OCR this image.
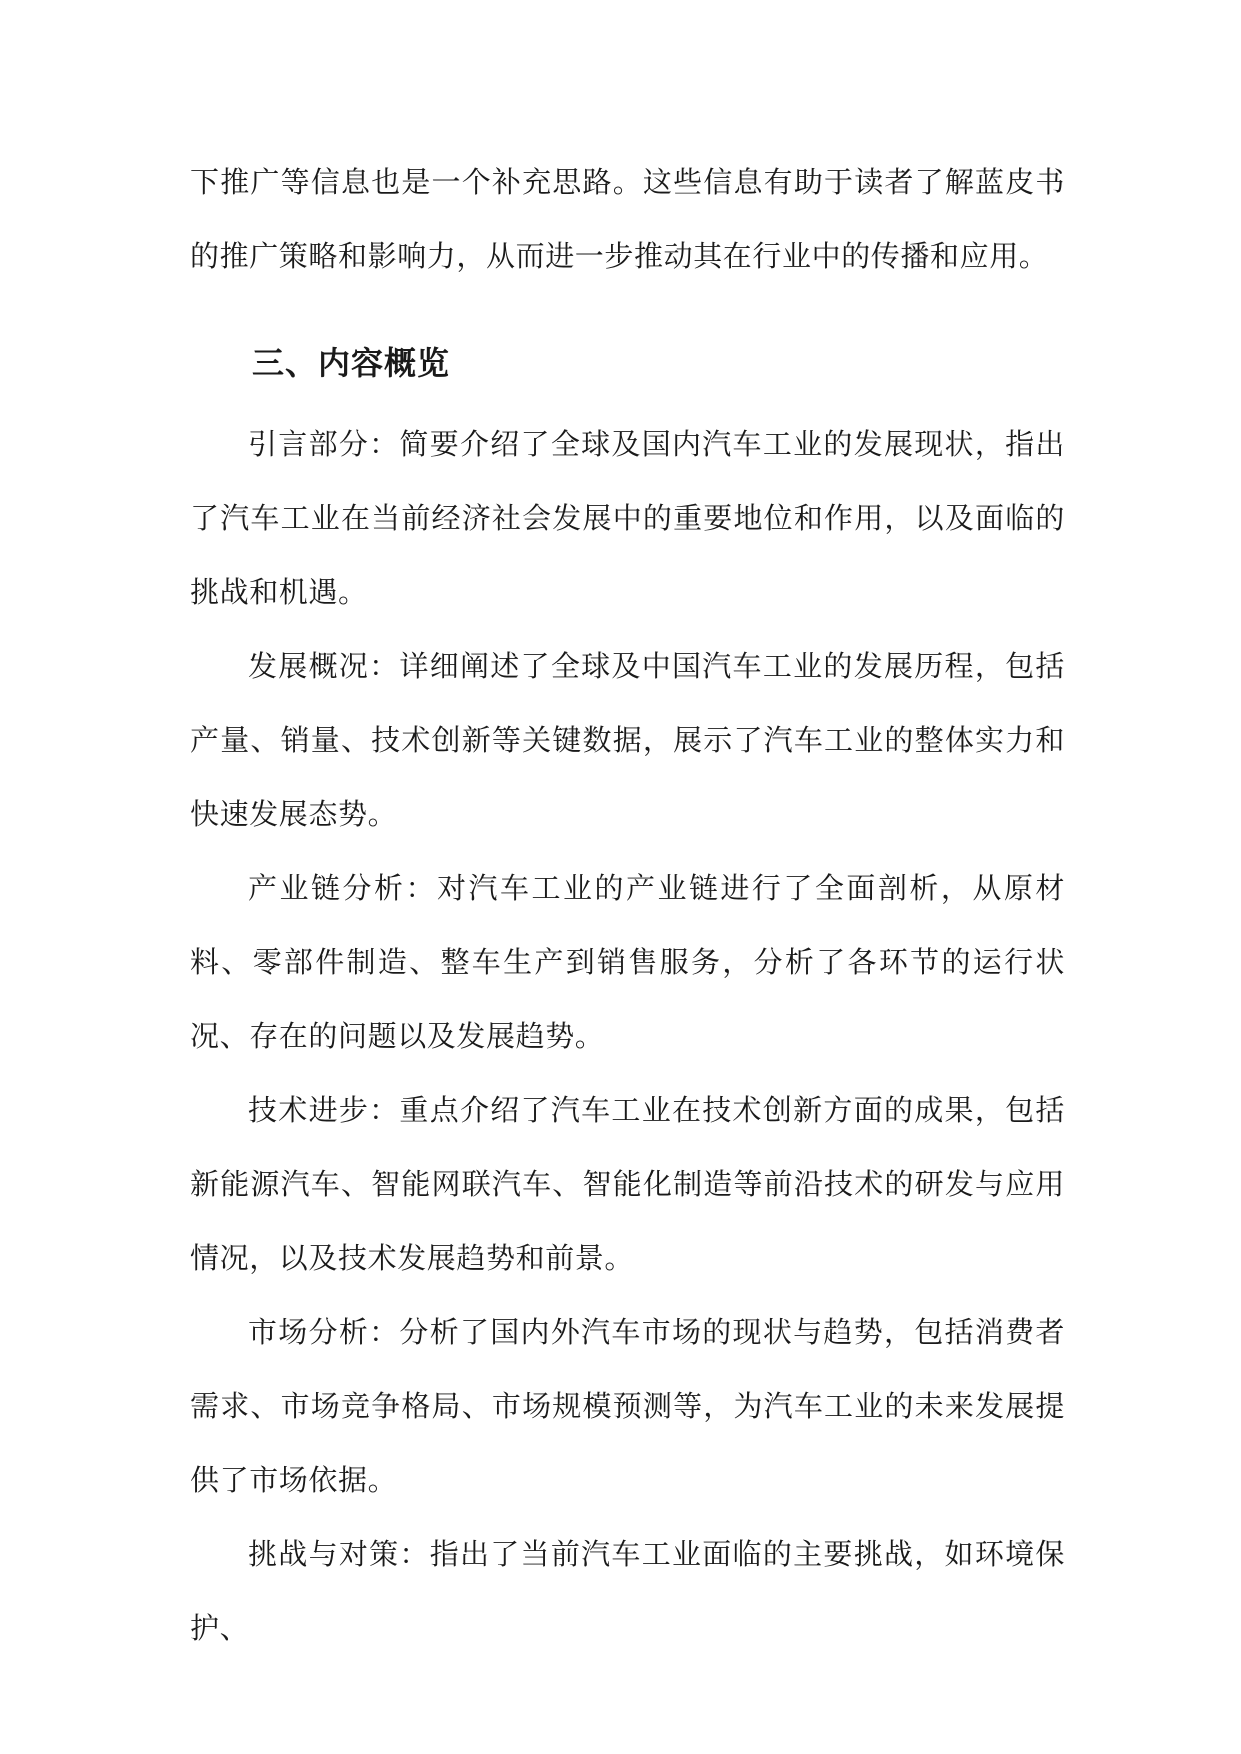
下推广等信息也是一个补充思路。这些信息有助于读者了解蓝皮书的推广策略和影响力，从而进一步推动其在行业中的传播和应用。

三、内容概览

引言部分：简要介绍了全球及国内汽车工业的发展现状，指出了汽车工业在当前经济社会发展中的重要地位和作用，以及面临的挑战和机遇。

发展概况：详细阐述了全球及中国汽车工业的发展历程，包括产量、销量、技术创新等关键数据，展示了汽车工业的整体实力和快速发展态势。

产业链分析：对汽车工业的产业链进行了全面剖析，从原材料、零部件制造、整车生产到销售服务，分析了各环节的运行状况、存在的问题以及发展趋势。

技术进步：重点介绍了汽车工业在技术创新方面的成果，包括新能源汽车、智能网联汽车、智能化制造等前沿技术的研发与应用情况，以及技术发展趋势和前景。

市场分析：分析了国内外汽车市场的现状与趋势，包括消费者需求、市场竞争格局、市场规模预测等，为汽车工业的未来发展提供了市场依据。

挑战与对策：指出了当前汽车工业面临的主要挑战，如环境保护、
